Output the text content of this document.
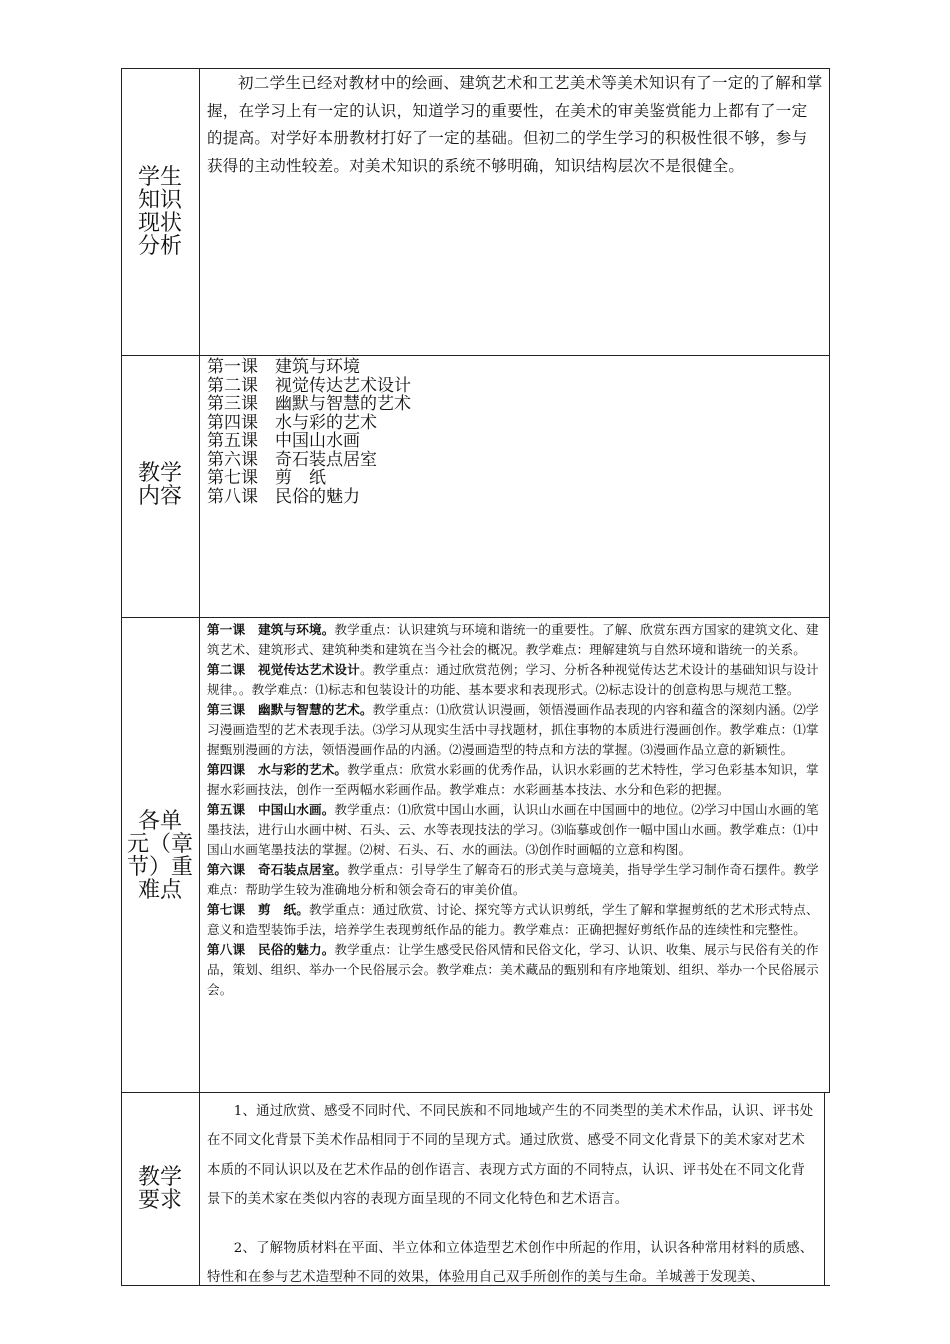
学生
知识
现状
分析

初二学生已经对教材中的绘画、建筑艺术和工艺美术等美术知识有了一定的了解和掌握，在学习上有一定的认识，知道学习的重要性，在美术的审美鉴赏能力上都有了一定的提高。对学好本册教材打好了一定的基础。但初二的学生学习的积极性很不够，参与获得的主动性较差。对美术知识的系统不够明确，知识结构层次不是很健全。

教学
内容
第一课　建筑与环境
第二课　视觉传达艺术设计
第三课　幽默与智慧的艺术
第四课　水与彩的艺术
第五课　中国山水画
第六课　奇石装点居室
第七课　剪　纸
第八课　民俗的魅力
各单
元（章
节）重
难点

第一课　建筑与环境。教学重点：认识建筑与环境和谐统一的重要性。了解、欣赏东西方国家的建筑文化、建筑艺术、建筑形式、建筑种类和建筑在当今社会的概况。教学难点：理解建筑与自然环境和谐统一的关系。

第二课　视觉传达艺术设计。教学重点：通过欣赏范例；学习、分析各种视觉传达艺术设计的基础知识与设计规律。。教学难点：⑴标志和包装设计的功能、基本要求和表现形式。⑵标志设计的创意构思与规范工整。

第三课　幽默与智慧的艺术。教学重点：⑴欣赏认识漫画，领悟漫画作品表现的内容和蕴含的深刻内涵。⑵学习漫画造型的艺术表现手法。⑶学习从现实生活中寻找题材，抓住事物的本质进行漫画创作。教学难点：⑴掌握甄别漫画的方法，领悟漫画作品的内涵。⑵漫画造型的特点和方法的掌握。⑶漫画作品立意的新颖性。

第四课　水与彩的艺术。教学重点：欣赏水彩画的优秀作品，认识水彩画的艺术特性，学习色彩基本知识，掌握水彩画技法，创作一至两幅水彩画作品。教学难点：水彩画基本技法、水分和色彩的把握。

第五课　中国山水画。教学重点：⑴欣赏中国山水画，认识山水画在中国画中的地位。⑵学习中国山水画的笔墨技法，进行山水画中树、石头、云、水等表现技法的学习。⑶临摹或创作一幅中国山水画。教学难点：⑴中国山水画笔墨技法的掌握。⑵树、石头、石、水的画法。⑶创作时画幅的立意和构图。

第六课　奇石装点居室。教学重点：引导学生了解奇石的形式美与意境美，指导学生学习制作奇石摆件。教学难点：帮助学生较为准确地分析和领会奇石的审美价值。

第七课　剪　纸。教学重点：通过欣赏、讨论、探究等方式认识剪纸，学生了解和掌握剪纸的艺术形式特点、意义和造型装饰手法，培养学生表现剪纸作品的能力。教学难点：正确把握好剪纸作品的连续性和完整性。

第八课　民俗的魅力。教学重点：让学生感受民俗风情和民俗文化，学习、认识、收集、展示与民俗有关的作品，策划、组织、举办一个民俗展示会。教学难点：美术藏品的甄别和有序地策划、组织、举办一个民俗展示会。

教学
要求

1、通过欣赏、感受不同时代、不同民族和不同地域产生的不同类型的美术术作品，认识、评书处在不同文化背景下美术作品相同于不同的呈现方式。通过欣赏、感受不同文化背景下的美术家对艺术本质的不同认识以及在艺术作品的创作语言、表现方式方面的不同特点，认识、评书处在不同文化背景下的美术家在类似内容的表现方面呈现的不同文化特色和艺术语言。

2、了解物质材料在平面、半立体和立体造型艺术创作中所起的作用，认识各种常用材料的质感、特性和在参与艺术造型种不同的效果，体验用自己双手所创作的美与生命。羊城善于发现美、
